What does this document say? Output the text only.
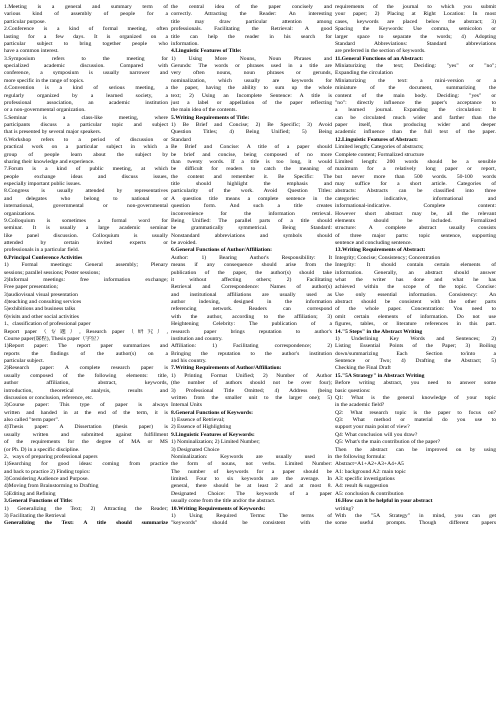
1.Meeting is a general and summary term of
various kind of assembly of people for a
particular purpose.
2.Conference is a kind of formal meeting, often
lasting for a few days. It is organized on a
particular subject to bring together people who
have a common interest.
3.Symposium refers to the meeting for
specialized academic discussion. Compared with
conference, a symposium is usually narrower and
more specific in the range of topics.
4.Convention is a kind of serious meeting, a
regularly organized by a learned society, a
professional association, an academic institution
or a non-governmental organization.
5.Seminar is a class-like meeting, where
participants discuss a particular topic and subject
that is presented by several major speakers.
6.Workshop refers to a period of discussion or
practical work on a particular subject in which a
group of people learn about the subject by
sharing their knowledge and experience.
7.Forum is a kind of public meeting, at which
people exchange ideas and discuss issues,
especially important public issues.
8.Congress is usually attended by representatives
and delegates who belong to national or
international, governmental or non-governmental
organizations.
9.Colloquium is sometimes a formal word for
seminar. It is usually a large academic seminar
like panel discussion. Colloquium is usually
attended by certain invited experts or
professionals in a particular field.
0.Principal Conference Activities
1) Formal meetings: General assembly; Plenary
sessions; parallel sessions; Poster sessions;
2)Informal meetings: free information exchange;
Free paper presentation;
3)audiovisual visual presentation
4)teaching and consulting services
5)exhibitions and business talks
6)visits and other social activities
1、classification of professional paper
Report paper（专题）, Research paper（研究）,
Course paper(课程), Thesis paper（学位）
1)Report paper: The report paper summarizes and
reports the findings of the author(s) on a
particular subject.
2)Research paper: A complete research paper is
usually composed of the following elements: title,
author affiliation, abstract, keywords,
introduction, theoretical analysis, results and
discussion or conclusion, reference, etc.
3)Course paper: This type of paper is always
written and handed in at the end of the term, it is
also called "term paper".
4)Thesis paper: A Dissertation (thesis paper) is
usually written and submitted against fulfillment
of the requirements for the degree of MA or MS
(or Ph. D) in a specific discipline.
2、ways of preparing professional papers
1)Searching for good ideas: coming from practice
and back to practice 2) Finding topics:
3)Considering Audience and Purpose.
4)Moving from Brainstorming to Drafting
5)Editing and Refining
3.General Functions of Title:
1) Generalizing the Text; 2) Attracting the Reader;
3) Facilitating the Retrieval
Generalizing the Text: A title should summarize
the central idea of the paper concisely and
correctly. Attracting the Reader: An interesting
title may draw particular attention among
professionals. Facilitating the Retrieval: A good
title can help the reader in his search for
information.
4.Linguistic Features of Title:
1) Using More Nouns, Noun Phrases and
Gerunds: The words or phrases used in a title are
very often nouns, noun phrases or gerunds,
nominalization, which usually are keywords for
the paper, having the ability to sum up the whole
text; 2) Using an Incomplete Sentence: A title is
just a label or appellation of the paper reflecting
the main idea of the contents.
5.Writing Requirements of Title:
1) Be Brief and Concise; 2) Be Specific; 3) Avoid
Question Titles; 4) Being Unified; 5) Being
Standard
Be Brief and Concise: A title of a paper should
be brief and concise, being composed of no more
than twenty words. If a title is too long, it would
be difficult for readers to catch the meaning of
the content and remember it. Be Specific: The
title should highlight the emphasis and
particularity of the work. Avoid Question Titles:
A question title means a complete sentence in the
question form. And such a title creates
inconvenience for the information retrieval.
Being Unified: The parallel parts of a title should
be grammatically symmetrical. Being Standard:
Nonstandard abbreviations and symbols should
be avoided.
6.General Functions of Author/Affiliation:
Author: 1) Bearing Author's Responsibility: It
means if any consequence should arise from the
publication of the paper, the author(s) should take
it without affecting others; 2) Facilitating
Retrieval and Correspondence: Names of author(s)
and institutional affiliations are usually used as
author indexing, designed in the information
referencing network. Readers can correspond
with the author, according to the affiliation; 3)
Heightening Celebrity: The publication of a
research paper brings reputation to author's
institution and country.
Affiliation: 1) Facilitating correspondence; 2)
Bringing the reputation to the author's institution
and his country.
7.Writing Requirements of Author/Affiliation:
1) Printing Format Unified; 2) Number of Author
(the number of authors should not be over four);
3) Professional Title Omitted; 4) Address (being
written from the smaller unit to the larger one); 5)
Internal Units
8.General Functions of Keywords:
1) Essence of Retrieval;
2) Essence of Highlighting
9.Linguistic Features of Keywords:
1) Nominalization; 2) Limited Number;
3) Designated Choice
Nominalization: Keywords are usually used in
the form of nouns, not verbs. Limited Number:
The number of keywords for a paper should be
limited. Four to six keywords are the average. In
general, there should be at least 2 and at most 8.
Designated Choice: The keywords of a paper
usually come from the title and/or the abstract.
10.Writing Requirements of Keywords:
1) Using Required Terms: The terms of
"keywords" should be consistent with the
requirements of the journal to which you submit
your paper; 2) Placing at Right Location: In most
cases, keywords are placed below the abstract; 3)
Spacing the Keywords: Use comma, semicolon or
larger space to separate the words; 4) Adopting
Standard Abbreviations: Standard abbreviations
are preferred in the section of keywords.
11.General Functions of an Abstract:
Miniaturizing the text; Deciding: "yes" or "no";
Expanding the circulation
Miniaturizing the text: a mini-version or a
miniature of the document, summarizing the
content of the main body. Deciding: "yes" or
"no": directly influence the paper's acceptance to
a learned journal. Expanding the circulation: It
can be circulated much wider and farther than the
paper itself, thus producing wider and deeper
academic influence than the full text of the paper.
12.Linguistic Features of Abstract:
Limited length; Categories of abstracts;
Complete content; Formalized structure
Limited length: 200 words should be a sensible
maximum for a relatively long paper or report,
but never more than 500 words. 50-100 words
may suffice for a short article. Categories of
abstracts: Abstracts can be classified into three
categories: indicative, informational and
informational-indicative. Complete content:
However short abstract may be, all the relevant
elements should be included. Formalized
structure: A complete abstract usually consists
of three major parts: topic sentence, supporting
sentence and concluding sentence.
13.Writing Requirements of Abstract:
Integrity; Concise; Consistency; Concentration
Integrity: It should contain certain elements of
information. Generally, an abstract should answer
what the writer has done and what he has
achieved within the scope of the topic. Concise:
Use only essential information. Consistency: An
abstract should be consistent with the other parts
of the whole paper. Concentration: You need to
omit certain elements of information. Do not use
figures, tables, or literature references in this part.
14."5 Steps" in the Abstract Writing
1) Underlining Key Words and Sentences; 2)
Listing Essential Points of the Paper; 3) Boiling
down/summarizing Each Section to/into a
Sentence or Two; 4) Drafting the Abstract; 5)
Checking the Final Draft
15."5A Strategy" in Abstract Writing
Before writing abstract, you need to answer some
basic questions:
Q1: What is the general knowledge of your topic
in the academic field?
Q2: What research topic is the paper to focus on?
Q3: What method or material do you use to
support your main point of view?
Q4: What conclusion will you draw?
Q5: What's the main contribution of the paper?
Then the abstract can be improved on by using
the following formula:
Abstract=A1+A2+A3+A4+A5
A1: background A2: main topic
A3: specific investigations
A4: result & suggestion
A5: conclusion & contribution
16.How can it be helpful in your abstract
writing?
With the "5A Strategy" in mind, you can get
some useful prompts. Though different papers
